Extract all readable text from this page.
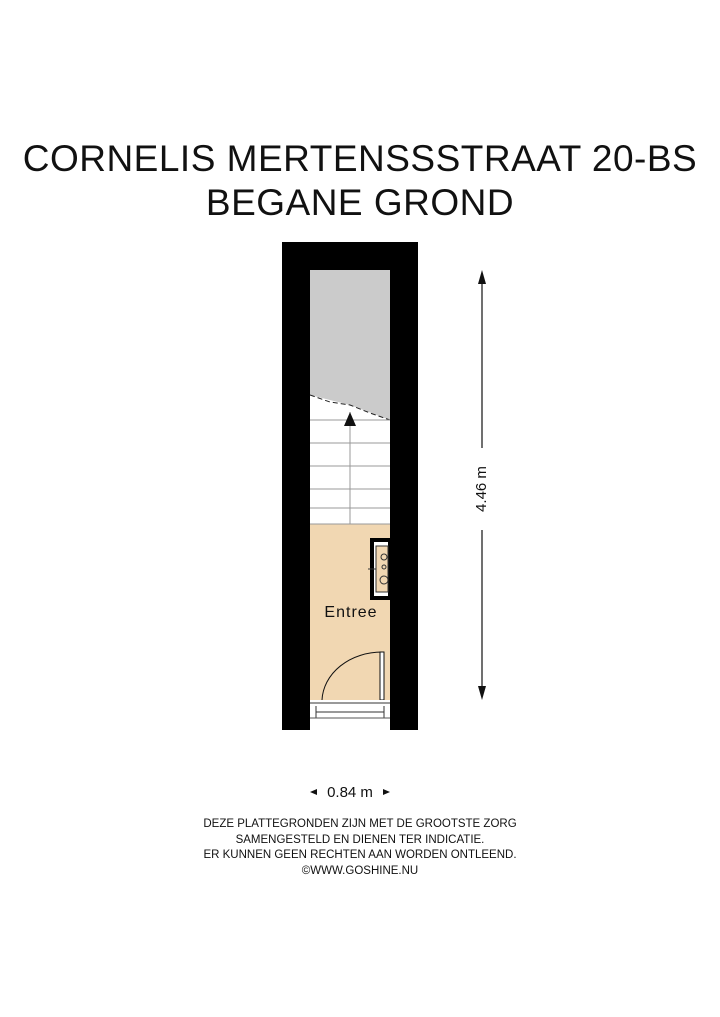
CORNELIS MERTENSSSTRAAT 20-BS
BEGANE GROND
Entree
4.46 m
0.84 m
DEZE PLATTEGRONDEN ZIJN MET DE GROOTSTE ZORG
SAMENGESTELD EN DIENEN TER INDICATIE.
ER KUNNEN GEEN RECHTEN AAN WORDEN ONTLEEND.
©WWW.GOSHINE.NU
